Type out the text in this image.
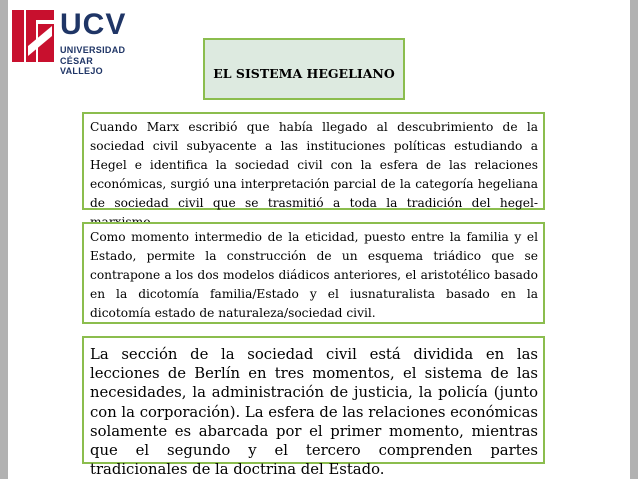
UCV
UNIVERSIDAD
CÉSAR VALLEJO	EL SISTEMA HEGELIANO
Cuando Marx escribió que había llegado al descubrimiento de la sociedad civil subyacente a las instituciones políticas estudiando a Hegel e identifica la sociedad civil con la esfera de las relaciones económicas, surgió una interpretación parcial de la categoría hegeliana de sociedad civil que se trasmitió a toda la tradición del hegel-
Como momento intermedio de la eticidad, puesto entre la familia y el Estado, permite la construcción de un esquema triádico que se contrapone a los dos modelos diádicos anteriores, el aristotélico basado en la dicotomía familia/Estado y el iusnaturalista basado en la dicotomía estado de naturaleza/sociedad civil.
La sección de la sociedad civil está dividida en las lecciones de Berlín en tres momentos, el sistema de las necesidades, la administración de justicia, la policía (junto con la corporación). La esfera de las relaciones económicas solamente es abarcada por el primer momento, mientras que el segundo y el tercero comprenden partes tradicionales de la doctrina del Estado.
